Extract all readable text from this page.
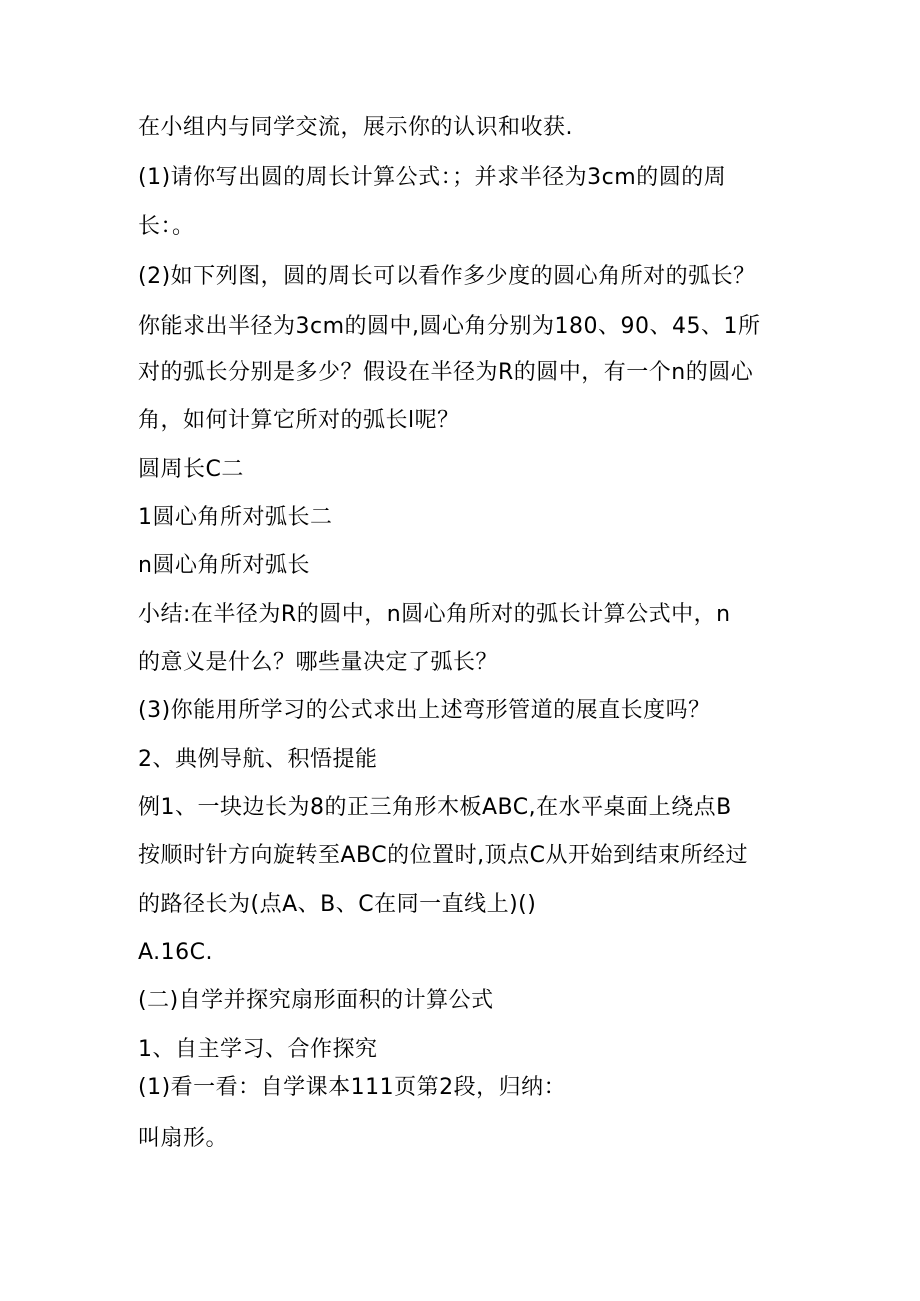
在小组内与同学交流，展示你的认识和收获.
(1)请你写出圆的周长计算公式：；并求半径为3cm的圆的周
长：。
(2)如下列图，圆的周长可以看作多少度的圆心角所对的弧长？
你能求出半径为3cm的圆中,圆心角分别为180、90、45、1所
对的弧长分别是多少？假设在半径为R的圆中，有一个n的圆心
角，如何计算它所对的弧长l呢？
圆周长C二
1圆心角所对弧长二
n圆心角所对弧长
小结:在半径为R的圆中，n圆心角所对的弧长计算公式中，n
的意义是什么？哪些量决定了弧长？
(3)你能用所学习的公式求出上述弯形管道的展直长度吗？
2、典例导航、积悟提能
例1、一块边长为8的正三角形木板ABC,在水平桌面上绕点B
按顺时针方向旋转至ABC的位置时,顶点C从开始到结束所经过
的路径长为(点A、B、C在同一直线上)()
A.16C.
(二)自学并探究扇形面积的计算公式
1、自主学习、合作探究
(1)看一看：自学课本111页第2段，归纳：
叫扇形。
